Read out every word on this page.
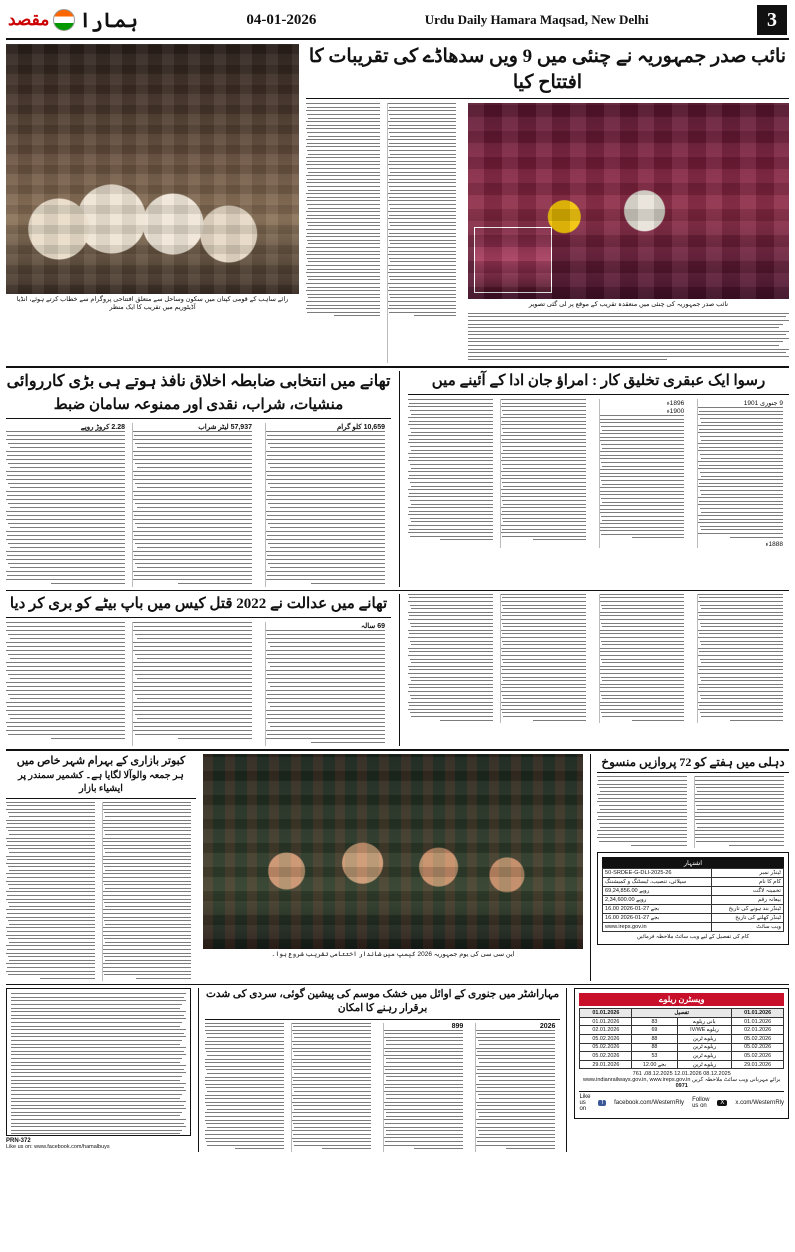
مقصد ہمارا	04-01-2026	Urdu Daily Hamara Maqsad, New Delhi	3
رائے ساہب کے قومی کپتان میں سکون وساحل سے متعلق افتتاحی پروگرام سے خطاب کرتے ہوئے، انڈیا آڈیٹوریم میں تقریب کا ایک منظر
نائب صدر جمہوریہ نے چنئی میں 9 ویں سدھاڈے کی تقریبات کا افتتاح کیا
نائب صدر جمہوریہ کی چنئی میں منعقدہ تقریب کے موقع پر لی گئی تصویر
تھانے میں انتخابی ضابطہ اخلاق نافذ ہوتے ہی بڑی کارروائی
منشیات، شراب، نقدی اور ممنوعہ سامان ضبط
2.28 کروڑ روپے	57,937 لیٹر شراب	10,659 کلو گرام
رسوا ایک عبقری تخلیق کار : امراؤ جان ادا کے آئینے میں
1896ء
1900ء
9 جنوری 1901
1888ء
تھانے میں عدالت نے 2022 قتل کیس میں باپ بیٹے کو بری کر دیا
69 سالہ
کبوتر بازاری کے بہرام شہر خاص میں
ہر جمعہ والوآلا لگایا ہے۔ کشمیر سمندر پر ایشیاء بازار
این سی سی کی یوم جمہوریہ 2026 کیمپ میں شاندار اختتامی تقریب شروع ہوا۔
دہلی میں ہفتے کو 72 پروازیں منسوخ
اشتہار
50-SRDEE-G-DLI-2025-26	ٹینڈر نمبر
سپلائی، تنصیب، ٹیسٹنگ و کمیشننگ	کام کا نام
69,24,856.00 روپے	تخمینہ لاگت
2,34,600.00 روپے	بیعانہ رقم
16.00 بجے 27-01-2026	ٹینڈر بند ہونے کی تاریخ
16.00 بجے 27-01-2026	ٹینڈر کھلنے کی تاریخ
www.ireps.gov.in	ویب سائٹ
کام کی تفصیل کے لیے ویب سائٹ ملاحظہ فرمائیں
PRN-372
Like us on: www.facebook.com/hamalbuys
مہاراشٹر میں جنوری کے اوائل میں خشک موسم کی پیشین گوئی، سردی کی شدت برقرار رہنے کا امکان
899	2026
ویسٹرن ریلوے
01.01.2026	تفصیل		01.01.2026
01.01.2026	83	بانی ریلوے	01.01.2026
02.01.2026	69	IV/WE ریلوے	02.01.2026
05.02.2026	88	ریلوے ٹرین	05.02.2026
05.02.2026	88	ریلوے ٹرین	05.02.2026
05.02.2026	53	ریلوے ٹرین	05.02.2026
29.01.2026	12.00 بجے	ریلوے ٹرین	29.01.2026
761 ،08.12.2025 12.01.2026 08.12.2025
برائے مہربانی ویب سائٹ ملاحظہ کریں www.indianrailways.gov.in, www.ireps.gov.in
0971
Like us on
f	facebook.com/WesternRly Follow us on	X	x.com/WesternRly
